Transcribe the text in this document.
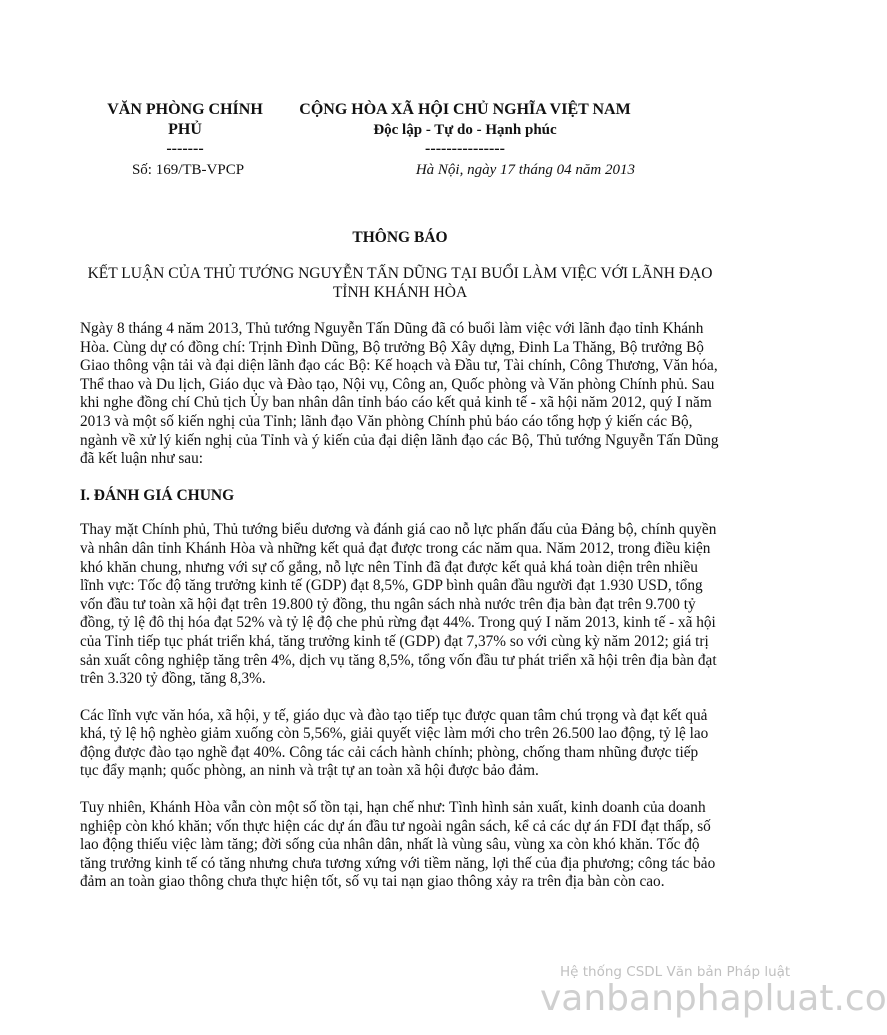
VĂN PHÒNG CHÍNH PHỦ
-------
CỘNG HÒA XÃ HỘI CHỦ NGHĨA VIỆT NAM
Độc lập - Tự do - Hạnh phúc
---------------
Số: 169/TB-VPCP	Hà Nội, ngày 17 tháng 04 năm 2013
THÔNG BÁO
KẾT LUẬN CỦA THỦ TƯỚNG NGUYỄN TẤN DŨNG TẠI BUỔI LÀM VIỆC VỚI LÃNH ĐẠO TỈNH KHÁNH HÒA

Ngày 8 tháng 4 năm 2013, Thủ tướng Nguyễn Tấn Dũng đã có buổi làm việc với lãnh đạo tỉnh Khánh Hòa. Cùng dự có đồng chí: Trịnh Đình Dũng, Bộ trưởng Bộ Xây dựng, Đinh La Thăng, Bộ trưởng Bộ Giao thông vận tải và đại diện lãnh đạo các Bộ: Kế hoạch và Đầu tư, Tài chính, Công Thương, Văn hóa, Thể thao và Du lịch, Giáo dục và Đào tạo, Nội vụ, Công an, Quốc phòng và Văn phòng Chính phủ. Sau khi nghe đồng chí Chủ tịch Ủy ban nhân dân tỉnh báo cáo kết quả kinh tế - xã hội năm 2012, quý I năm 2013 và một số kiến nghị của Tỉnh; lãnh đạo Văn phòng Chính phủ báo cáo tổng hợp ý kiến các Bộ, ngành về xử lý kiến nghị của Tỉnh và ý kiến của đại diện lãnh đạo các Bộ, Thủ tướng Nguyễn Tấn Dũng đã kết luận như sau:

I. ĐÁNH GIÁ CHUNG

Thay mặt Chính phủ, Thủ tướng biểu dương và đánh giá cao nỗ lực phấn đấu của Đảng bộ, chính quyền và nhân dân tỉnh Khánh Hòa và những kết quả đạt được trong các năm qua. Năm 2012, trong điều kiện khó khăn chung, nhưng với sự cố gắng, nỗ lực nên Tỉnh đã đạt được kết quả khá toàn diện trên nhiều lĩnh vực: Tốc độ tăng trưởng kinh tế (GDP) đạt 8,5%, GDP bình quân đầu người đạt 1.930 USD, tổng vốn đầu tư toàn xã hội đạt trên 19.800 tỷ đồng, thu ngân sách nhà nước trên địa bàn đạt trên 9.700 tỷ đồng, tỷ lệ đô thị hóa đạt 52% và tỷ lệ độ che phủ rừng đạt 44%. Trong quý I năm 2013, kinh tế - xã hội của Tỉnh tiếp tục phát triển khá, tăng trưởng kinh tế (GDP) đạt 7,37% so với cùng kỳ năm 2012; giá trị sản xuất công nghiệp tăng trên 4%, dịch vụ tăng 8,5%, tổng vốn đầu tư phát triển xã hội trên địa bàn đạt trên 3.320 tỷ đồng, tăng 8,3%.

Các lĩnh vực văn hóa, xã hội, y tế, giáo dục và đào tạo tiếp tục được quan tâm chú trọng và đạt kết quả khá, tỷ lệ hộ nghèo giảm xuống còn 5,56%, giải quyết việc làm mới cho trên 26.500 lao động, tỷ lệ lao động được đào tạo nghề đạt 40%. Công tác cải cách hành chính; phòng, chống tham nhũng được tiếp tục đẩy mạnh; quốc phòng, an ninh và trật tự an toàn xã hội được bảo đảm.

Tuy nhiên, Khánh Hòa vẫn còn một số tồn tại, hạn chế như: Tình hình sản xuất, kinh doanh của doanh nghiệp còn khó khăn; vốn thực hiện các dự án đầu tư ngoài ngân sách, kể cả các dự án FDI đạt thấp, số lao động thiếu việc làm tăng; đời sống của nhân dân, nhất là vùng sâu, vùng xa còn khó khăn. Tốc độ tăng trưởng kinh tế có tăng nhưng chưa tương xứng với tiềm năng, lợi thế của địa phương; công tác bảo đảm an toàn giao thông chưa thực hiện tốt, số vụ tai nạn giao thông xảy ra trên địa bàn còn cao.

Hệ thống CSDL Văn bản Pháp luật
vanbanphapluat.co
